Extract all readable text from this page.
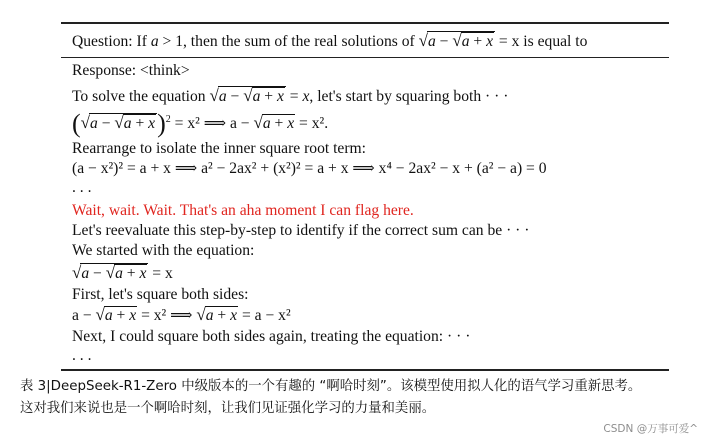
Question: If a > 1, then the sum of the real solutions of √a − √a + x = x is equal to
Response: <think>
To solve the equation √a − √a + x = x, let's start by squaring both · · ·
$(√a - √a + x)^2 = x^2$ ⟹ a − √a + x = x².
Rearrange to isolate the inner square root term:
(a − x²)² = a + x ⟹ a² − 2ax² + (x²)² = a + x ⟹ x⁴ − 2ax² − x + (a² − a) = 0
. . .
Wait, wait. Wait. That's an aha moment I can flag here.
Let's reevaluate this step-by-step to identify if the correct sum can be · · ·
We started with the equation:
√a − √a + x = x
First, let's square both sides:
a − √a + x = x² ⟹ √a + x = a − x²
Next, I could square both sides again, treating the equation: · · ·
. . .
表 3|DeepSeek-R1-Zero 中级版本的一个有趣的 “啊哈时刻”。该模型使用拟人化的语气学习重新思考。
这对我们来说也是一个啊哈时刻，让我们见证强化学习的力量和美丽。
CSDN @万事可爱^
